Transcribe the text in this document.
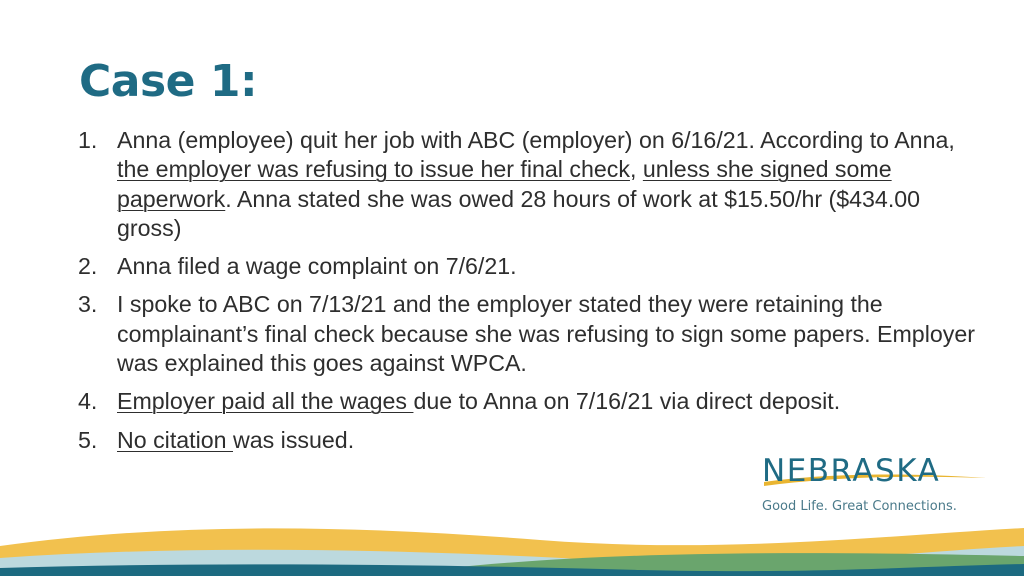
Case 1:
1. Anna (employee) quit her job with ABC (employer) on 6/16/21. According to Anna, the employer was refusing to issue her final check, unless she signed some paperwork. Anna stated she was owed 28 hours of work at $15.50/hr ($434.00 gross)
2. Anna filed a wage complaint on 7/6/21.
3. I spoke to ABC on 7/13/21 and the employer stated they were retaining the complainant’s final check because she was refusing to sign some papers. Employer was explained this goes against WPCA.
4. Employer paid all the wages due to Anna on 7/16/21 via direct deposit.
5. No citation was issued.

NEBRASKA

Good Life. Great Connections.
